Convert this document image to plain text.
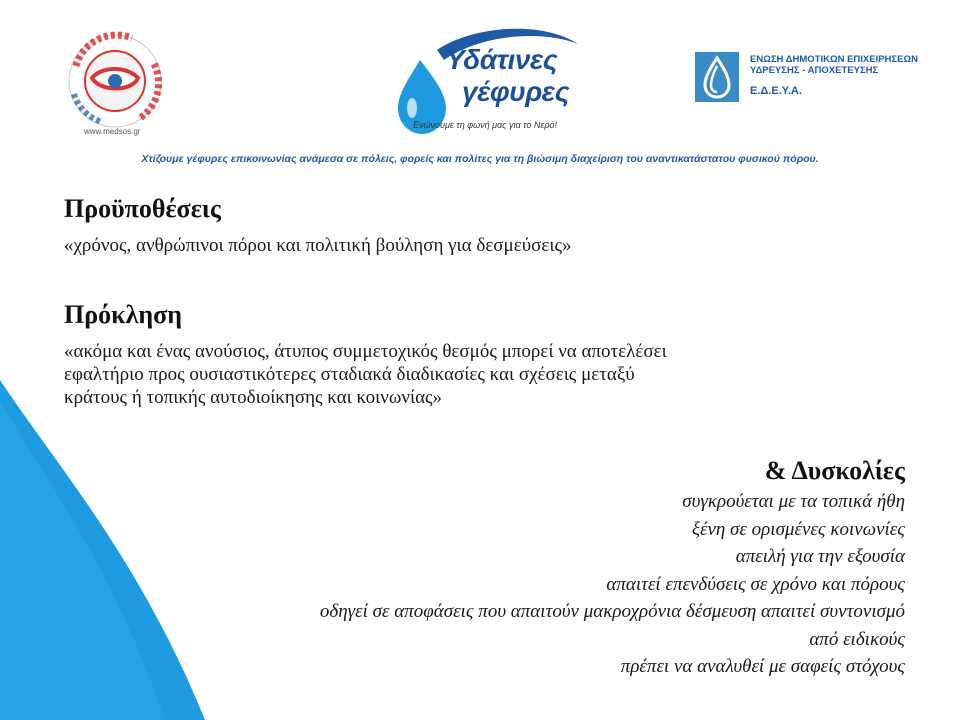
www.medsos.gr
Υδάτινες
γέφυρες
Ενώνουμε τη φωνή μας για το Νερό!
ΕΝΩΣΗ ΔΗΜΟΤΙΚΩΝ ΕΠΙΧΕΙΡΗΣΕΩΝ
ΥΔΡΕΥΣΗΣ - ΑΠΟΧΕΤΕΥΣΗΣ
Ε.Δ.Ε.Υ.Α.
Χτίζουμε γέφυρες επικοινωνίας ανάμεσα σε πόλεις, φορείς και πολίτες για τη βιώσιμη διαχείριση του αναντικατάστατου φυσικού πόρου.
Προϋποθέσεις
«χρόνος, ανθρώπινοι πόροι και πολιτική βούληση για δεσμεύσεις»
Πρόκληση
«ακόμα και ένας ανούσιος, άτυπος συμμετοχικός θεσμός μπορεί να αποτελέσει
εφαλτήριο προς ουσιαστικότερες σταδιακά διαδικασίες και σχέσεις μεταξύ
κράτους ή τοπικής αυτοδιοίκησης και κοινωνίας»
& Δυσκολίες
συγκρούεται με τα τοπικά ήθη
ξένη σε ορισμένες κοινωνίες
απειλή για την εξουσία
απαιτεί επενδύσεις σε χρόνο και πόρους
οδηγεί σε αποφάσεις που απαιτούν μακροχρόνια δέσμευση απαιτεί συντονισμό
από ειδικούς
πρέπει να αναλυθεί με σαφείς στόχους
